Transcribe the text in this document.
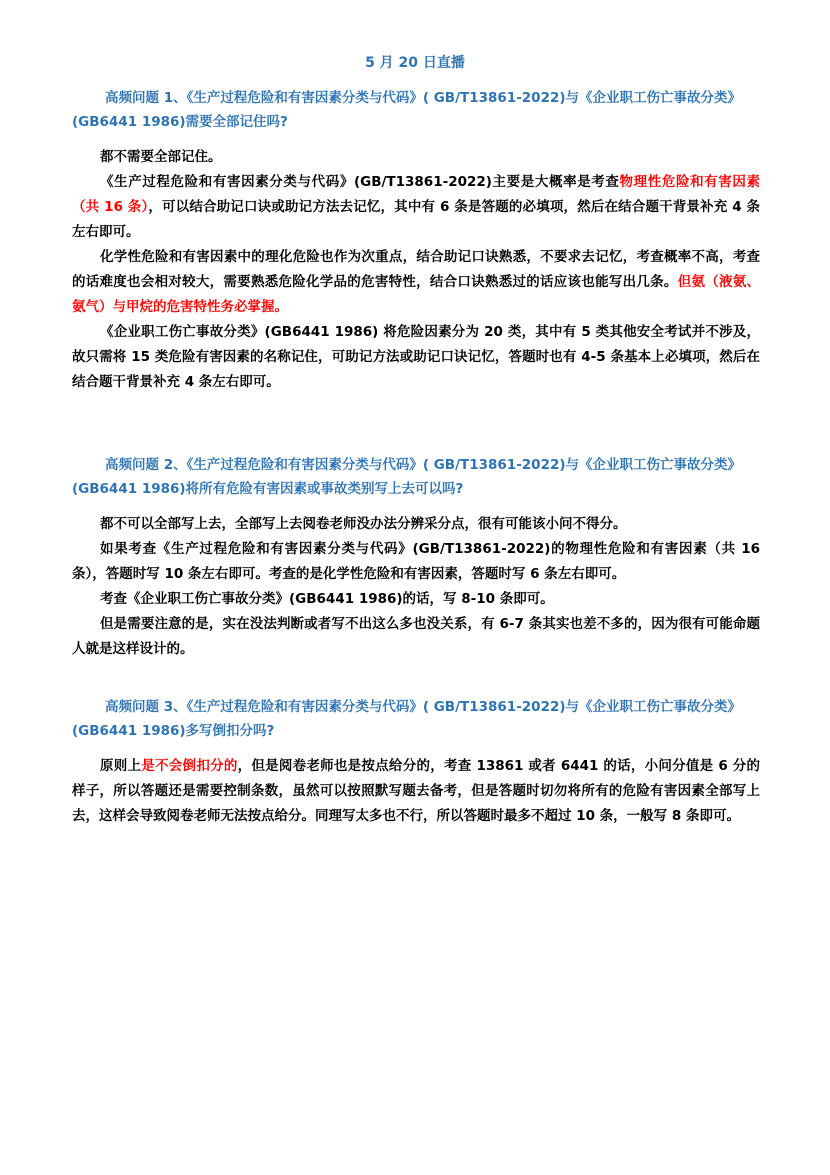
5 月 20 日直播

高频问题 1、《生产过程危险和有害因素分类与代码》( GB/T13861-2022)与《企业职工伤亡事故分类》(GB6441 1986)需要全部记住吗?

都不需要全部记住。

《生产过程危险和有害因素分类与代码》(GB/T13861-2022)主要是大概率是考查物理性危险和有害因素（共 16 条），可以结合助记口诀或助记方法去记忆，其中有 6 条是答题的必填项，然后在结合题干背景补充 4 条左右即可。

化学性危险和有害因素中的理化危险也作为次重点，结合助记口诀熟悉，不要求去记忆，考查概率不高，考查的话难度也会相对较大，需要熟悉危险化学品的危害特性，结合口诀熟悉过的话应该也能写出几条。但氨（液氨、氨气）与甲烷的危害特性务必掌握。

《企业职工伤亡事故分类》(GB6441 1986) 将危险因素分为 20 类，其中有 5 类其他安全考试并不涉及，故只需将 15 类危险有害因素的名称记住，可助记方法或助记口诀记忆，答题时也有 4-5 条基本上必填项，然后在结合题干背景补充 4 条左右即可。

高频问题 2、《生产过程危险和有害因素分类与代码》( GB/T13861-2022)与《企业职工伤亡事故分类》(GB6441 1986)将所有危险有害因素或事故类别写上去可以吗?

都不可以全部写上去，全部写上去阅卷老师没办法分辨采分点，很有可能该小问不得分。

如果考查《生产过程危险和有害因素分类与代码》(GB/T13861-2022)的物理性危险和有害因素（共 16 条），答题时写 10 条左右即可。考查的是化学性危险和有害因素，答题时写 6 条左右即可。

考查《企业职工伤亡事故分类》(GB6441 1986)的话，写 8-10 条即可。

但是需要注意的是，实在没法判断或者写不出这么多也没关系，有 6-7 条其实也差不多的，因为很有可能命题人就是这样设计的。

高频问题 3、《生产过程危险和有害因素分类与代码》( GB/T13861-2022)与《企业职工伤亡事故分类》(GB6441 1986)多写倒扣分吗?

原则上是不会倒扣分的，但是阅卷老师也是按点给分的，考查 13861 或者 6441 的话，小问分值是 6 分的样子，所以答题还是需要控制条数，虽然可以按照默写题去备考，但是答题时切勿将所有的危险有害因素全部写上去，这样会导致阅卷老师无法按点给分。同理写太多也不行，所以答题时最多不超过 10 条，一般写 8 条即可。
